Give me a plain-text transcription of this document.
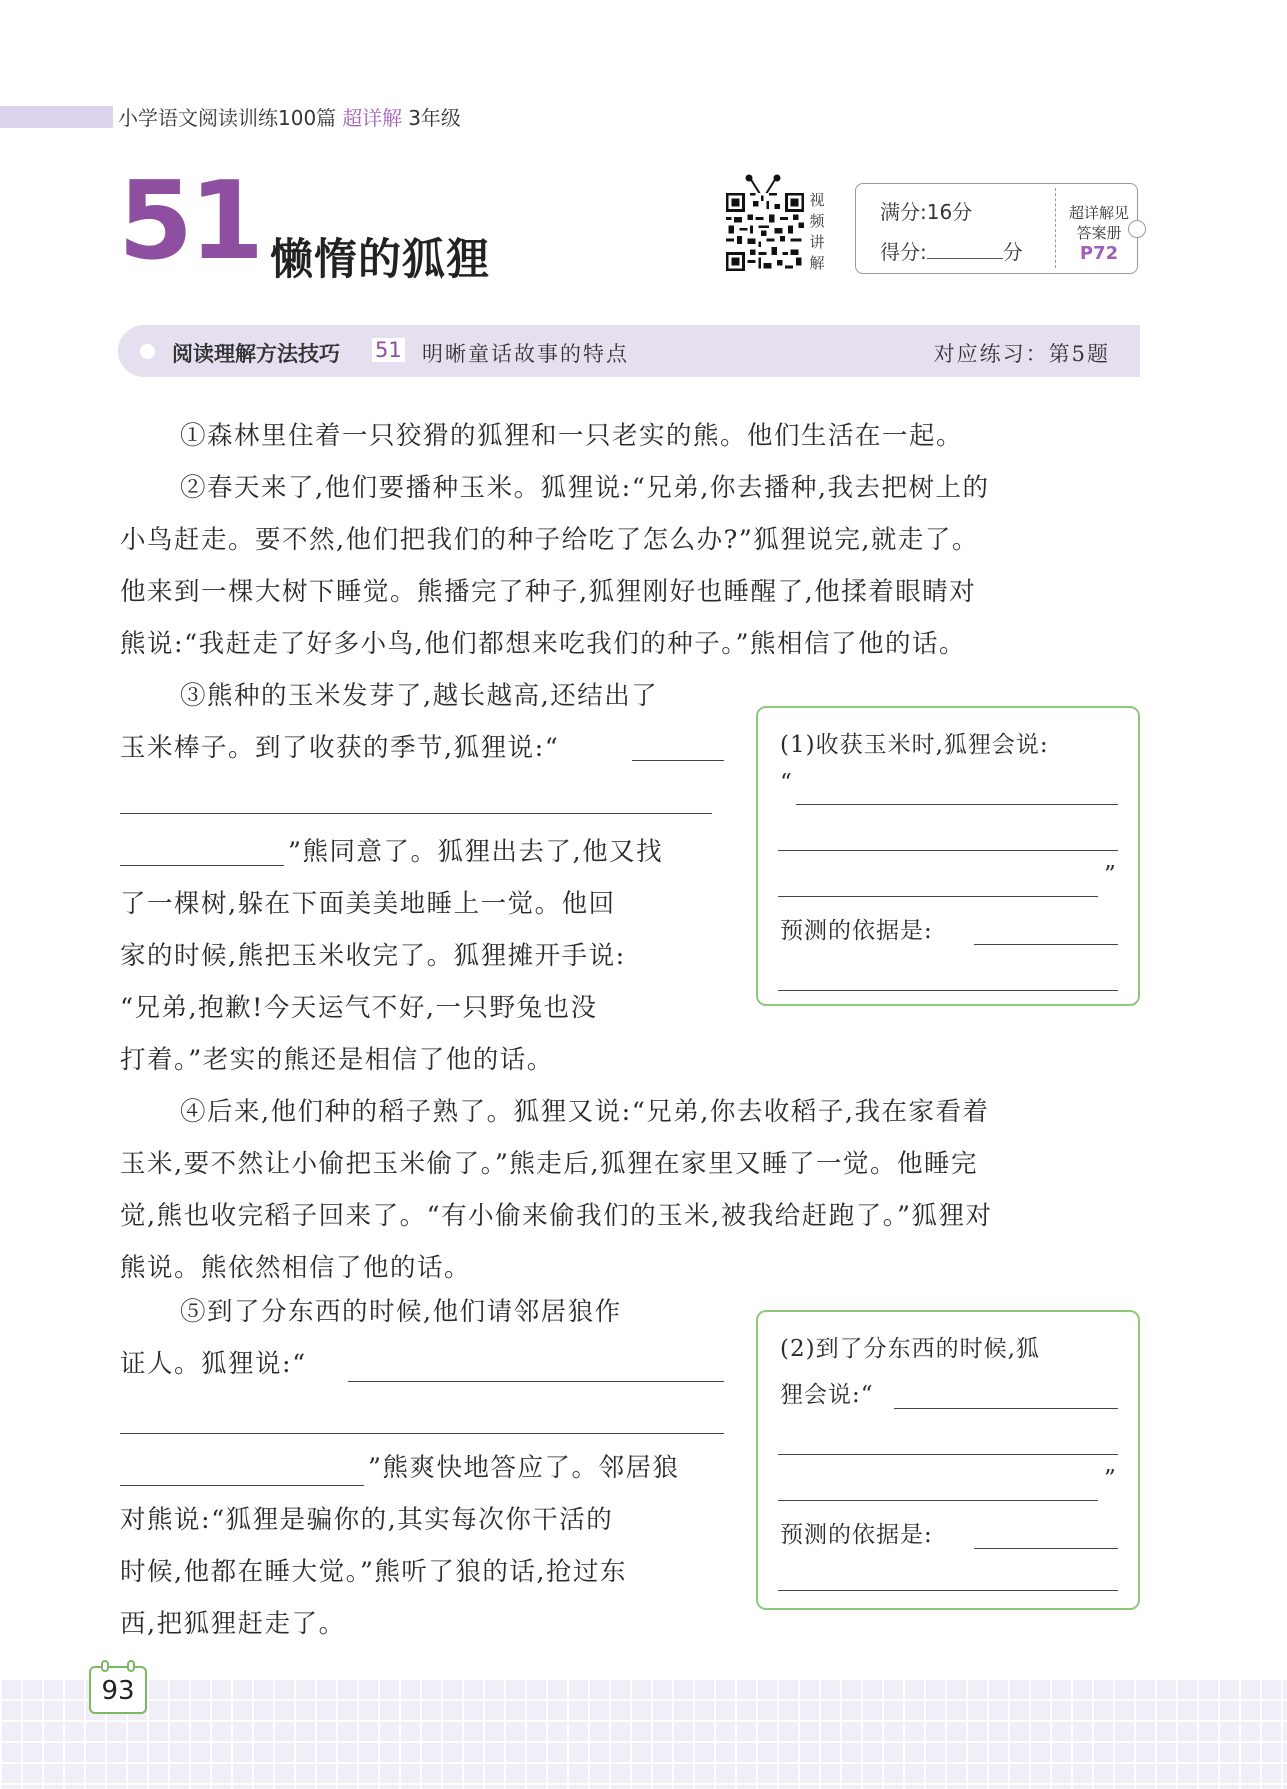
小学语文阅读训练100篇 超详解 3年级
51 懒惰的狐狸
视
频
讲
解
满分:16分
得分:	分
超详解见
答案册
P72
阅读理解方法技巧 51 明晰童话故事的特点	对应练习：第5题
①森林里住着一只狡猾的狐狸和一只老实的熊。他们生活在一起。
②春天来了,他们要播种玉米。狐狸说:“兄弟,你去播种,我去把树上的
小鸟赶走。要不然,他们把我们的种子给吃了怎么办?”狐狸说完,就走了。
他来到一棵大树下睡觉。熊播完了种子,狐狸刚好也睡醒了,他揉着眼睛对
熊说:“我赶走了好多小鸟,他们都想来吃我们的种子。”熊相信了他的话。
③熊种的玉米发芽了,越长越高,还结出了
玉米棒子。到了收获的季节,狐狸说:“
”熊同意了。狐狸出去了,他又找
了一棵树,躲在下面美美地睡上一觉。他回
家的时候,熊把玉米收完了。狐狸摊开手说:
“兄弟,抱歉!今天运气不好,一只野兔也没
打着。”老实的熊还是相信了他的话。
④后来,他们种的稻子熟了。狐狸又说:“兄弟,你去收稻子,我在家看着
玉米,要不然让小偷把玉米偷了。”熊走后,狐狸在家里又睡了一觉。他睡完
觉,熊也收完稻子回来了。“有小偷来偷我们的玉米,被我给赶跑了。”狐狸对
熊说。熊依然相信了他的话。
⑤到了分东西的时候,他们请邻居狼作
证人。狐狸说:“
”熊爽快地答应了。邻居狼
对熊说:“狐狸是骗你的,其实每次你干活的
时候,他都在睡大觉。”熊听了狼的话,抢过东
西,把狐狸赶走了。
(1)收获玉米时,狐狸会说:
“
”
预测的依据是:
(2)到了分东西的时候,狐
狸会说:“
”
预测的依据是:
93
